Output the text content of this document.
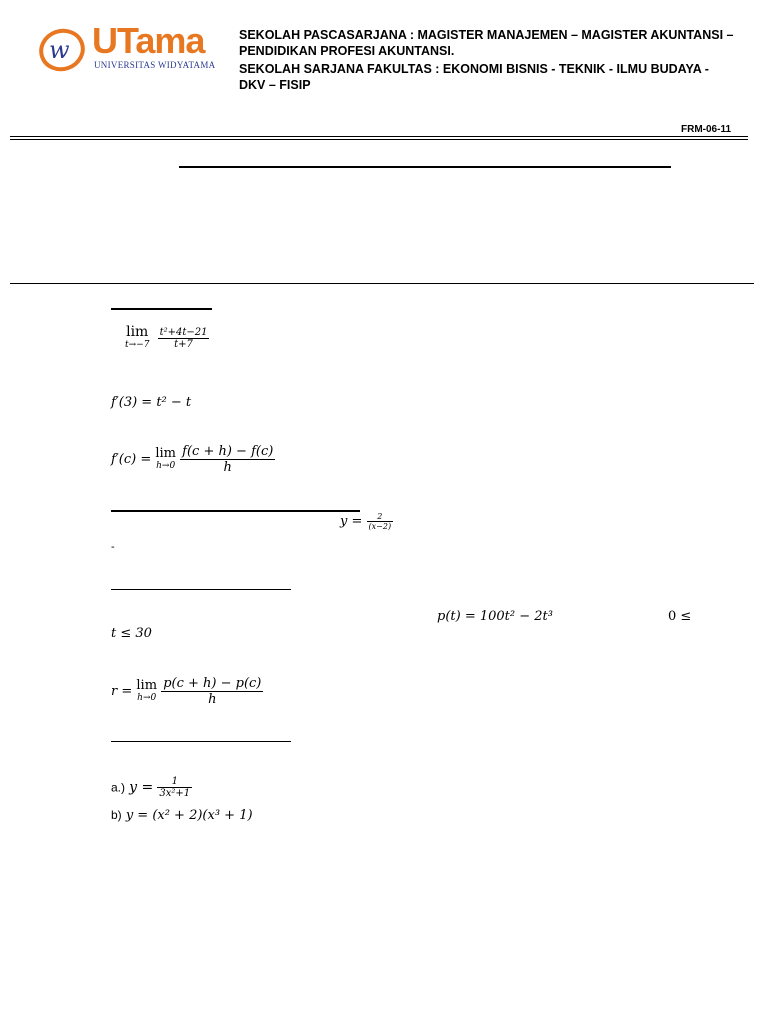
w UTama
UNIVERSITAS WIDYATAMA
SEKOLAH PASCASARJANA : MAGISTER MANAJEMEN – MAGISTER AKUNTANSI –
PENDIDIKAN PROFESI AKUNTANSI.
SEKOLAH SARJANA FAKULTAS : EKONOMI BISNIS - TEKNIK - ILMU BUDAYA -
DKV – FISIP
FRM-06-11
lim
t→−7
$\frac{\text{t²+4t−21}}{t+7}$
f′(3) = t² − t
f′(c) = lim
h→0
$\frac{f(c + h) - f(c)}{h}$
$y = \frac{2}{(x-2)}$
-
p(t) = 100t² − 2t³	0 ≤
t ≤ 30
r = lim
h→0
$\frac{p(c + h) - p(c)}{h}$
a.) $y = \frac{1}{\text{3x²+1}}$
b) y = (x² + 2)(x³ + 1)
